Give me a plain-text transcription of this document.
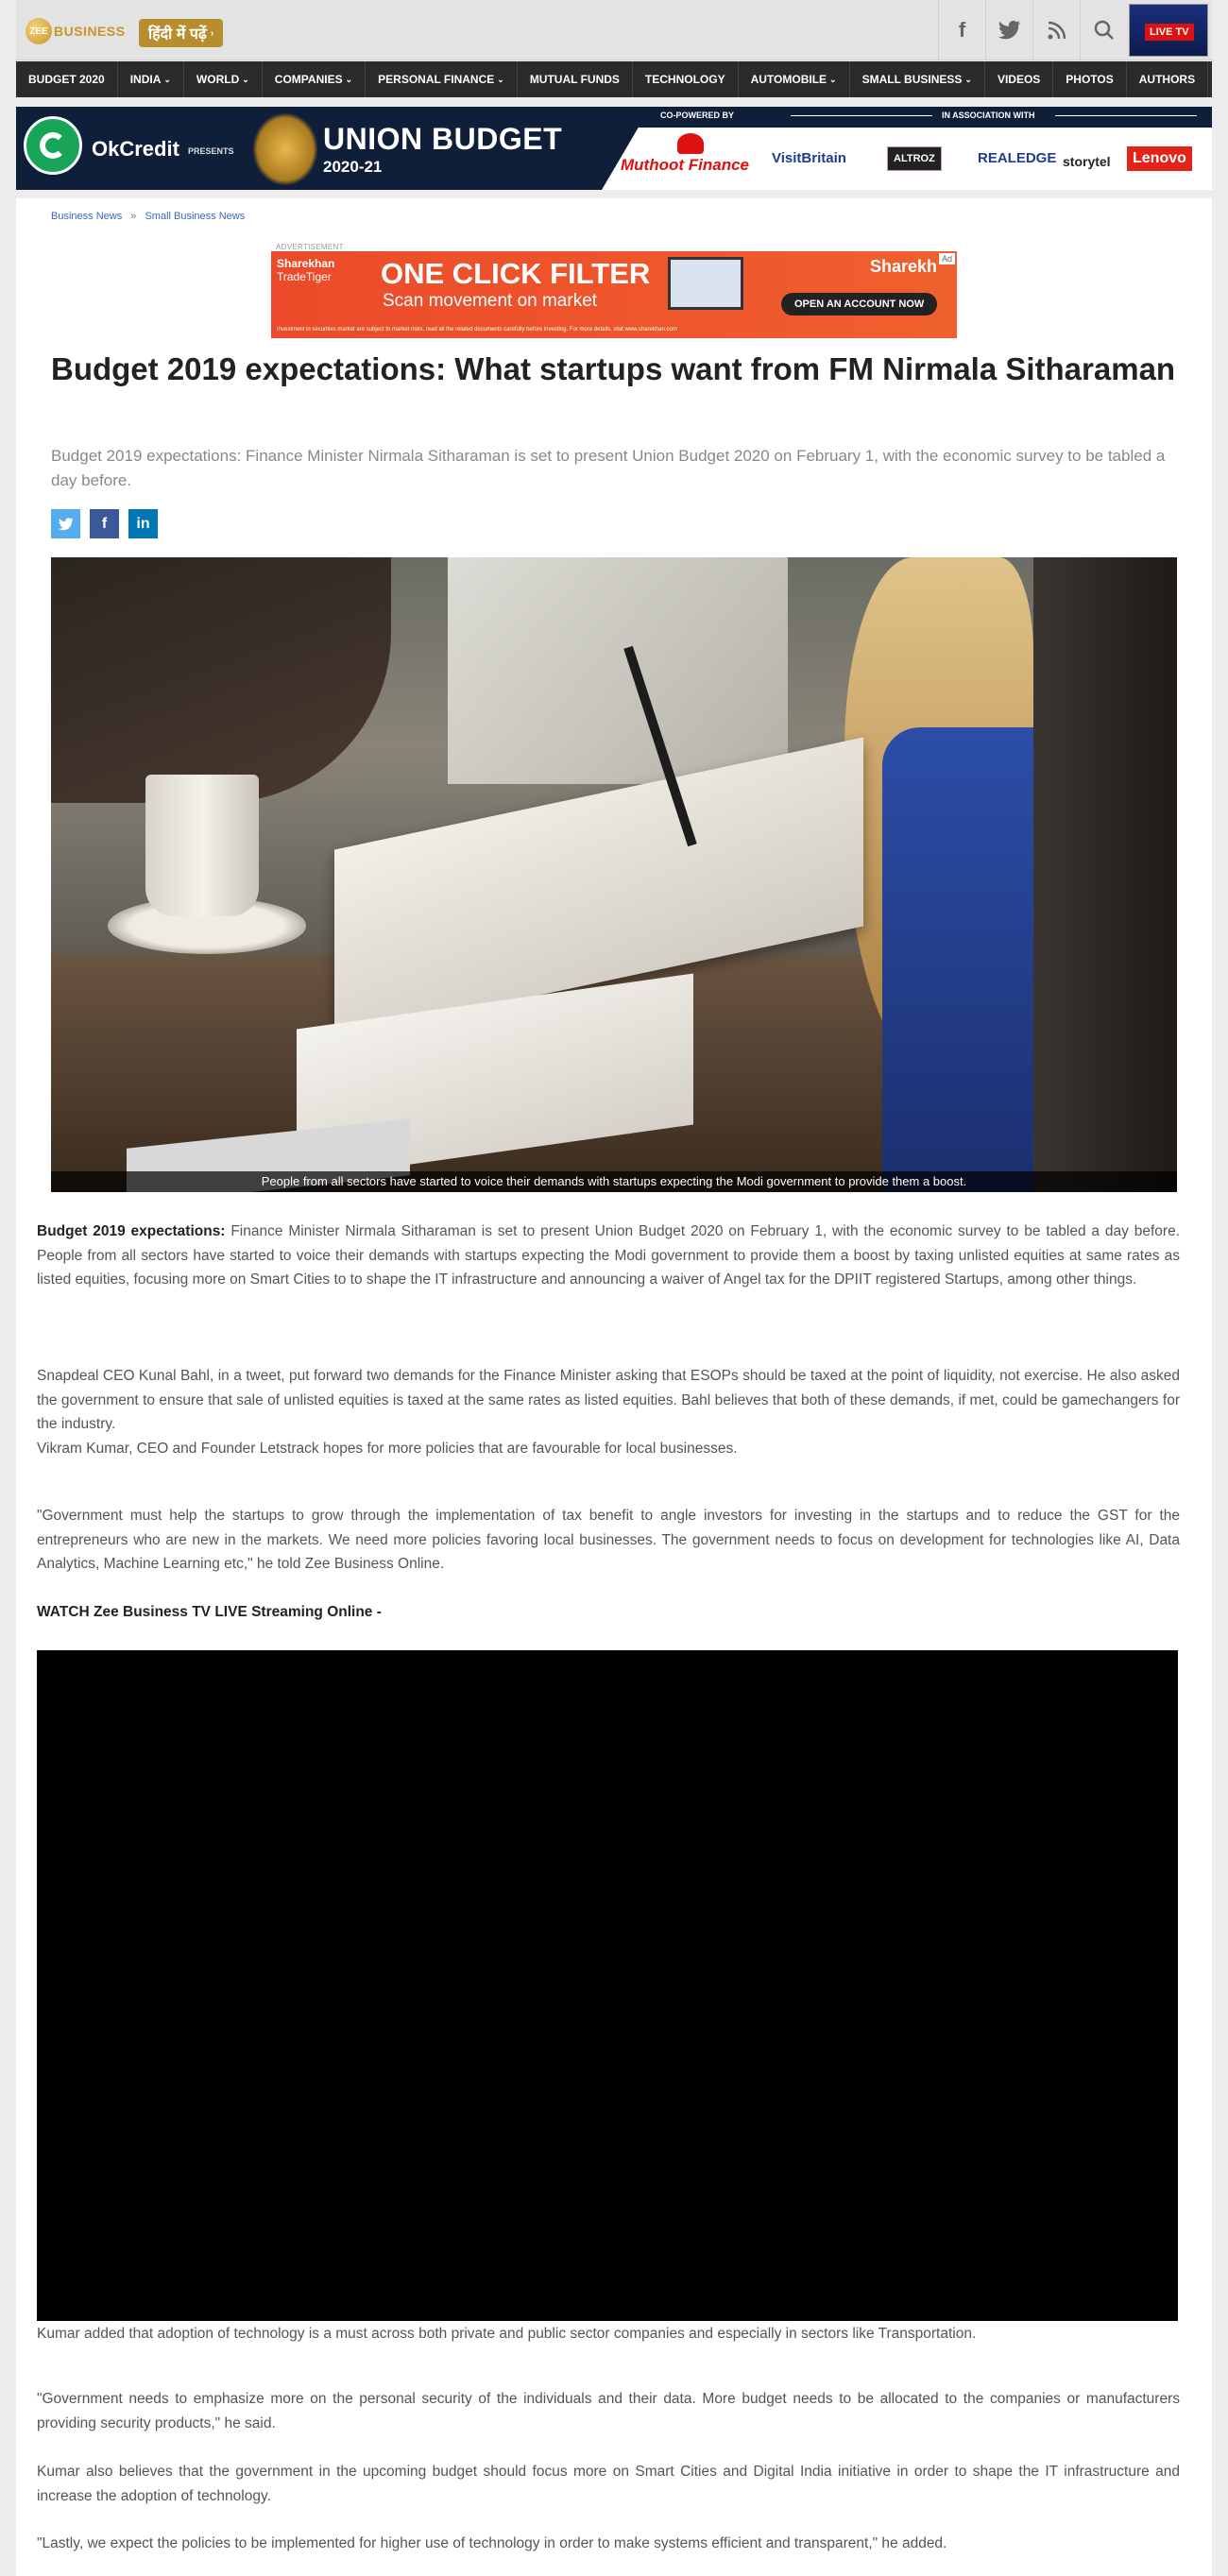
ZEE BUSINESS हिंदी में पढ़ें ›	f	LIVE TV
BUDGET 2020 INDIA ⌄ WORLD ⌄ COMPANIES ⌄ PERSONAL FINANCE ⌄ MUTUAL FUNDS TECHNOLOGY AUTOMOBILE ⌄ SMALL BUSINESS ⌄ VIDEOS PHOTOS AUTHORS
OkCredit PRESENTS	UNION BUDGET
2020-21
CO-POWERED BY	IN ASSOCIATION WITH
Muthoot Finance VisitBritain	ALTROZ	REALEDGE storytel	Lenovo
Business News » Small Business News
ADVERTISEMENT
Sharekhan
TradeTiger ONE CLICK FILTER
Scan movement on market
Sharekh Ad
OPEN AN ACCOUNT NOW
Investment in securities market are subject to market risks, read all the related documents carefully before investing. For more details, visit www.sharekhan.com
Budget 2019 expectations: What startups want from FM Nirmala Sitharaman

Budget 2019 expectations: Finance Minister Nirmala Sitharaman is set to present Union Budget 2020 on February 1, with the economic survey to be tabled a day before.

f in
People from all sectors have started to voice their demands with startups expecting the Modi government to provide them a boost.

Budget 2019 expectations: Finance Minister Nirmala Sitharaman is set to present Union Budget 2020 on February 1, with the economic survey to be tabled a day before. People from all sectors have started to voice their demands with startups expecting the Modi government to provide them a boost by taxing unlisted equities at same rates as listed equities, focusing more on Smart Cities to to shape the IT infrastructure and announcing a waiver of Angel tax for the DPIIT registered Startups, among other things.

Snapdeal CEO Kunal Bahl, in a tweet, put forward two demands for the Finance Minister asking that ESOPs should be taxed at the point of liquidity, not exercise. He also asked the government to ensure that sale of unlisted equities is taxed at the same rates as listed equities. Bahl believes that both of these demands, if met, could be gamechangers for the industry.

Vikram Kumar, CEO and Founder Letstrack hopes for more policies that are favourable for local businesses.

"Government must help the startups to grow through the implementation of tax benefit to angle investors for investing in the startups and to reduce the GST for the entrepreneurs who are new in the markets. We need more policies favoring local businesses. The government needs to focus on development for technologies like AI, Data Analytics, Machine Learning etc," he told Zee Business Online.

WATCH Zee Business TV LIVE Streaming Online -

Kumar added that adoption of technology is a must across both private and public sector companies and especially in sectors like Transportation.

"Government needs to emphasize more on the personal security of the individuals and their data. More budget needs to be allocated to the companies or manufacturers providing security products," he said.

Kumar also believes that the government in the upcoming budget should focus more on Smart Cities and Digital India initiative in order to shape the IT infrastructure and increase the adoption of technology.

"Lastly, we expect the policies to be implemented for higher use of technology in order to make systems efficient and transparent," he added.
